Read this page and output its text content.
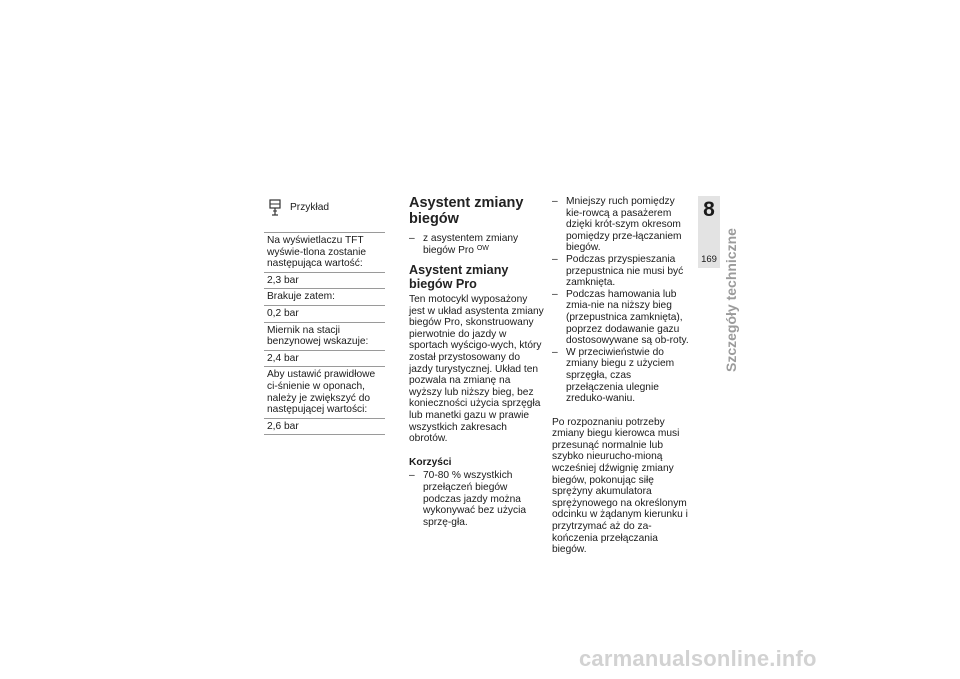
Przykład
Na wyświetlaczu TFT wyświe-tlona zostanie następująca wartość:
2,3 bar
Brakuje zatem:
0,2 bar
Miernik na stacji benzynowej wskazuje:
2,4 bar
Aby ustawić prawidłowe ci-śnienie w oponach, należy je zwiększyć do następującej wartości:
2,6 bar
Asystent zmiany biegów
– z asystentem zmiany biegów Pro $^{OW}$
Asystent zmiany biegów Pro

Ten motocykl wyposażony jest w układ asystenta zmiany biegów Pro, skonstruowany pierwotnie do jazdy w sportach wyścigo-wych, który został przystosowany do jazdy turystycznej. Układ ten pozwala na zmianę na wyższy lub niższy bieg, bez konieczności użycia sprzęgła lub manetki gazu w prawie wszystkich zakresach obrotów.

Korzyści
– 70-80 % wszystkich przełączeń biegów podczas jazdy można wykonywać bez użycia sprzę-gła.
– Mniejszy ruch pomiędzy kie-rowcą a pasażerem dzięki krót-szym okresom pomiędzy prze-łączaniem biegów.
– Podczas przyspieszania przepustnica nie musi być zamknięta.
– Podczas hamowania lub zmia-nie na niższy bieg (przepustnica zamknięta), poprzez dodawanie gazu dostosowywane są ob-roty.
– W przeciwieństwie do zmiany biegu z użyciem sprzęgła, czas przełączenia ulegnie zreduko-waniu.

Po rozpoznaniu potrzeby zmiany biegu kierowca musi przesunąć normalnie lub szybko nieurucho-mioną wcześniej dźwignię zmiany biegów, pokonując siłę sprężyny akumulatora sprężynowego na określonym odcinku w żądanym kierunku i przytrzymać aż do za-kończenia przełączania biegów.

8
169 Szczegóły techniczne
carmanualsonline.info
